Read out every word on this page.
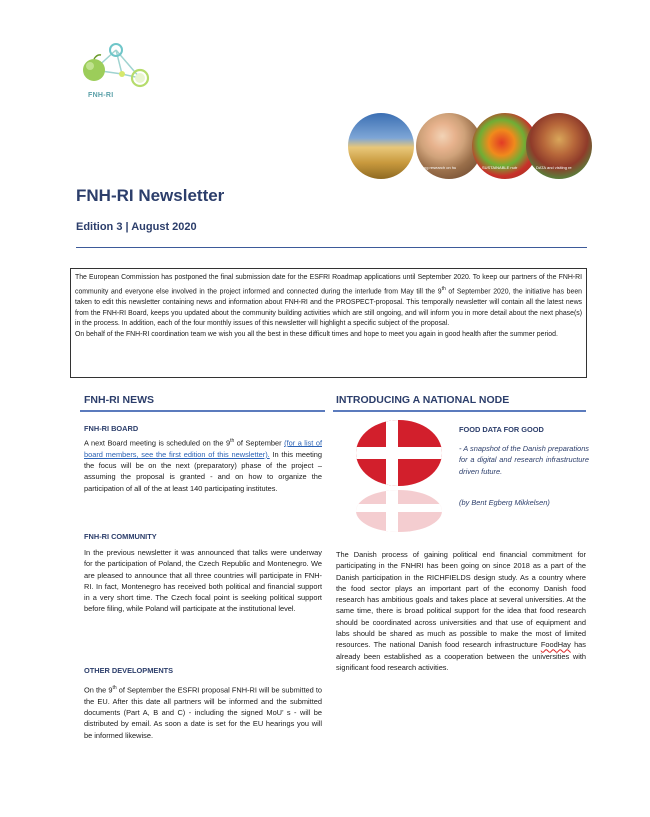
FNH-RI
ng research on hu	SUSTAINABLE nutr	DATA and visiting re
FNH-RI Newsletter
Edition 3 | August 2020
The European Commission has postponed the final submission date for the ESFRI Roadmap applications until September 2020. To keep our partners of the FNH-RI community and everyone else involved in the project informed and connected during the interlude from May till the 9th of September 2020, the initiative has been taken to edit this newsletter containing news and information about FNH-RI and the PROSPECT-proposal. This temporally newsletter will contain all the latest news from the FNH-RI Board, keeps you updated about the community building activities which are still ongoing, and will inform you in more detail about the next phase(s) in the process. In addition, each of the four monthly issues of this newsletter will highlight a specific subject of the proposal.
On behalf of the FNH-RI coordination team we wish you all the best in these difficult times and hope to meet you again in good health after the summer period.
FNH-RI NEWS
FNH-RI BOARD
A next Board meeting is scheduled on the 9th of September (for a list of board members, see the first edition of this newsletter). In this meeting the focus will be on the next (preparatory) phase of the project – assuming the proposal is granted - and on how to organize the participation of all of the at least 140 participating institutes.
FNH-RI COMMUNITY
In the previous newsletter it was announced that talks were underway for the participation of Poland, the Czech Republic and Montenegro. We are pleased to announce that all three countries will participate in FNH-RI. In fact, Montenegro has received both political and financial support in a very short time. The Czech focal point is seeking political support before filing, while Poland will participate at the institutional level.
OTHER DEVELOPMENTS
On the 9th of September the ESFRI proposal FNH-RI will be submitted to the EU. After this date all partners will be informed and the submitted documents (Part A, B and C) - including the signed MoU’ s - will be distributed by email. As soon a date is set for the EU hearings you will be informed likewise.
INTRODUCING A NATIONAL NODE
FOOD DATA FOR GOOD
- A snapshot of the Danish preparations for a digital and research infrastructure driven future.
(by Bent Egberg Mikkelsen)
The Danish process of gaining political end financial commitment for participating in the FNHRI has been going on since 2018 as a part of the Danish participation in the RICHFIELDS design study. As a country where the food sector plays an important part of the economy Danish food research has ambitious goals and takes place at several universities. At the same time, there is broad political support for the idea that food research should be coordinated across universities and that use of equipment and labs should be shared as much as possible to make the most of limited resources. The national Danish food research infrastructure FoodHay has already been established as a cooperation between the universities with significant food research activities.
